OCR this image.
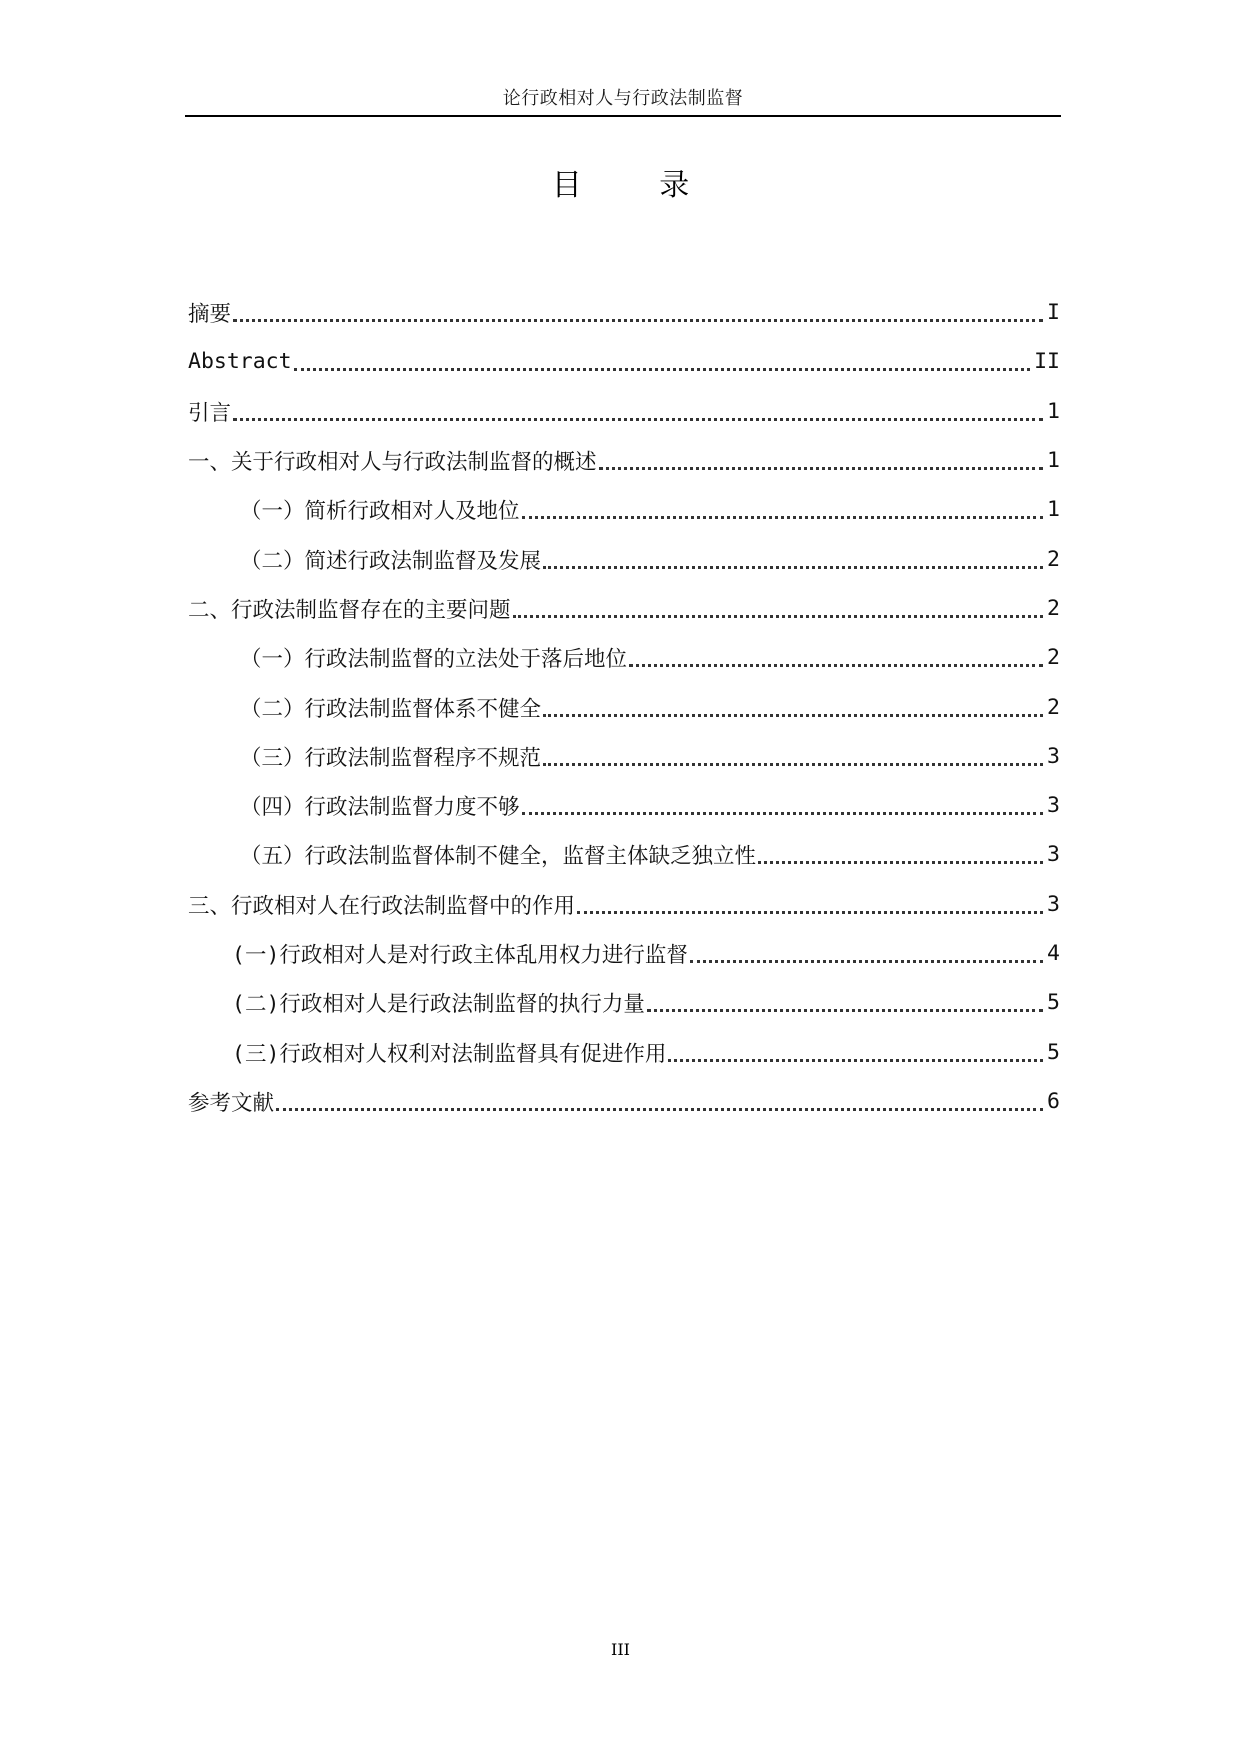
论行政相对人与行政法制监督
目 录
摘要	I
Abstract	II
引言	1
一、关于行政相对人与行政法制监督的概述	1
（一）简析行政相对人及地位	1
（二）简述行政法制监督及发展	2
二、行政法制监督存在的主要问题	2
（一）行政法制监督的立法处于落后地位	2
（二）行政法制监督体系不健全	2
（三）行政法制监督程序不规范	3
（四）行政法制监督力度不够	3
（五）行政法制监督体制不健全，监督主体缺乏独立性	3
三、行政相对人在行政法制监督中的作用	3
(一)行政相对人是对行政主体乱用权力进行监督	4
(二)行政相对人是行政法制监督的执行力量	5
(三)行政相对人权利对法制监督具有促进作用	5
参考文献	6
III
